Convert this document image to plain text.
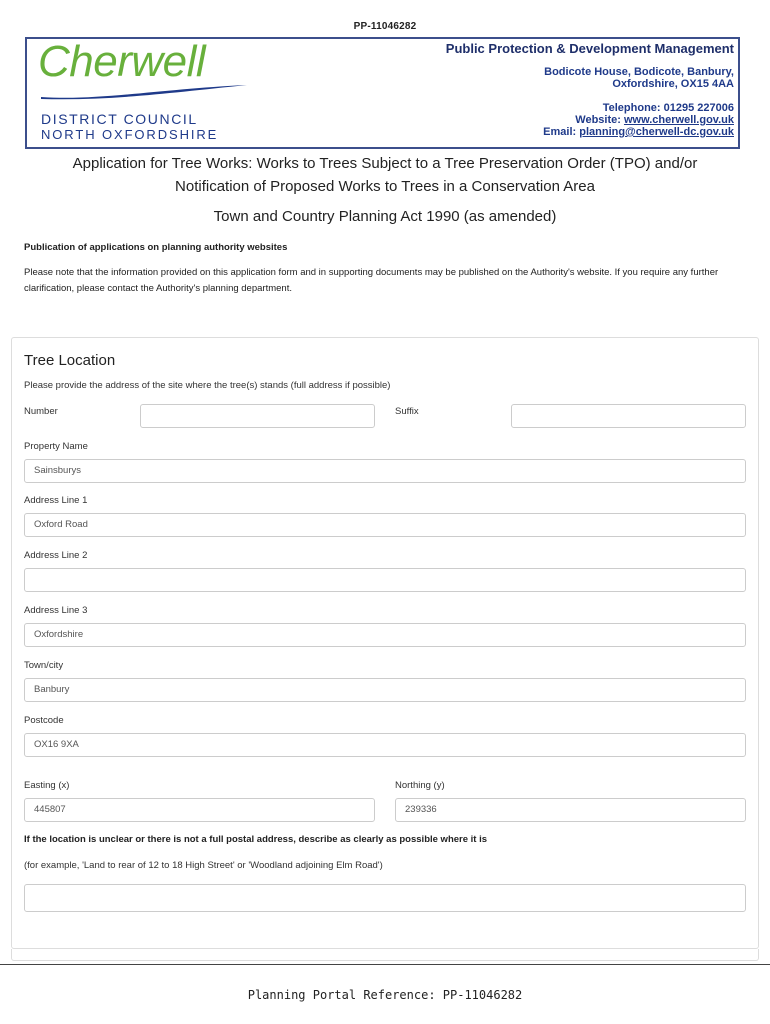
PP-11046282
Cherwell
DISTRICT COUNCIL
NORTH OXFORDSHIRE
Public Protection & Development Management
Bodicote House, Bodicote, Banbury,
Oxfordshire, OX15 4AA
Telephone: 01295 227006
Website: www.cherwell.gov.uk
Email: planning@cherwell-dc.gov.uk
Application for Tree Works: Works to Trees Subject to a Tree Preservation Order (TPO) and/or
Notification of Proposed Works to Trees in a Conservation Area
Town and Country Planning Act 1990 (as amended)
Publication of applications on planning authority websites
Please note that the information provided on this application form and in supporting documents may be published on the Authority's website. If you require any further clarification, please contact the Authority's planning department.
Tree Location
Please provide the address of the site where the tree(s) stands (full address if possible)
Number	Suffix
Property Name
Sainsburys
Address Line 1
Oxford Road
Address Line 2
Address Line 3
Oxfordshire
Town/city
Banbury
Postcode
OX16 9XA
Easting (x)
445807
Northing (y)
239336
If the location is unclear or there is not a full postal address, describe as clearly as possible where it is
(for example, 'Land to rear of 12 to 18 High Street' or 'Woodland adjoining Elm Road')
Planning Portal Reference: PP-11046282
